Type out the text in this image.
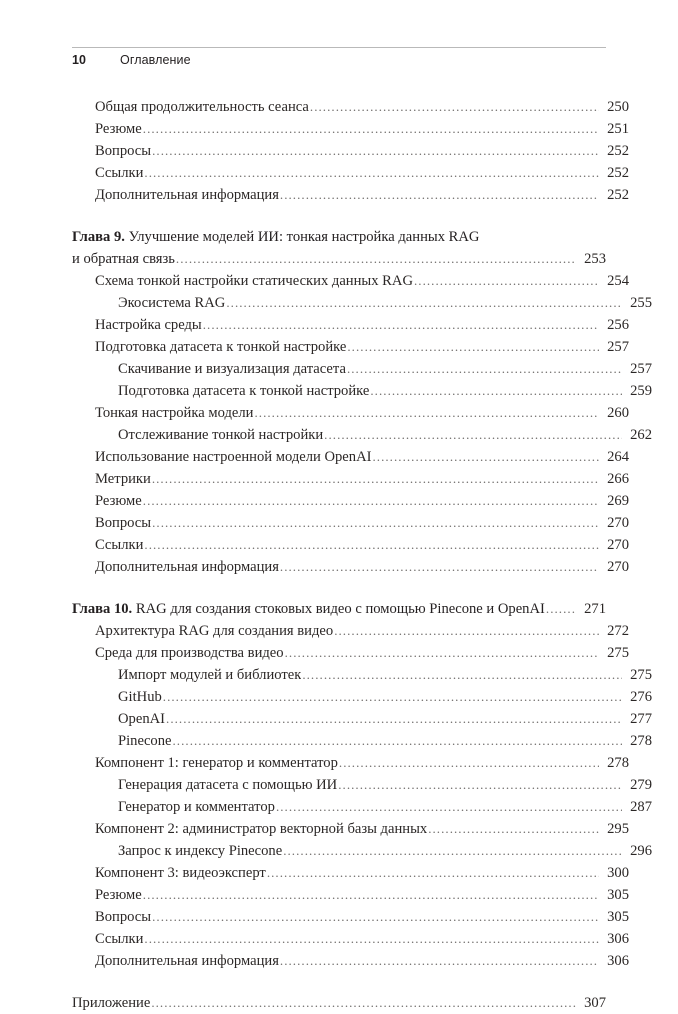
10	Оглавление
Общая продолжительность сеанса . . .	250
Резюме . . .	251
Вопросы . . .	252
Ссылки . . .	252
Дополнительная информация . . .	252
Глава 9. Улучшение моделей ИИ: тонкая настройка данных RAG
и обратная связь . . .	253
Схема тонкой настройки статических данных RAG . . .	254
Экосистема RAG . . .	255
Настройка среды . . .	256
Подготовка датасета к тонкой настройке . . .	257
Скачивание и визуализация датасета . . .	257
Подготовка датасета к тонкой настройке . . .	259
Тонкая настройка модели . . .	260
Отслеживание тонкой настройки . . .	262
Использование настроенной модели OpenAI . . .	264
Метрики . . .	266
Резюме . . .	269
Вопросы . . .	270
Ссылки . . .	270
Дополнительная информация . . .	270
Глава 10. RAG для создания стоковых видео с помощью Pinecone и OpenAI . . .	271
Архитектура RAG для создания видео . . .	272
Среда для производства видео . . .	275
Импорт модулей и библиотек . . .	275
GitHub . . .	276
OpenAI . . .	277
Pinecone . . .	278
Компонент 1: генератор и комментатор . . .	278
Генерация датасета с помощью ИИ . . .	279
Генератор и комментатор . . .	287
Компонент 2: администратор векторной базы данных . . .	295
Запрос к индексу Pinecone . . .	296
Компонент 3: видеоэксперт . . .	300
Резюме . . .	305
Вопросы . . .	305
Ссылки . . .	306
Дополнительная информация . . .	306
Приложение . . .	307
